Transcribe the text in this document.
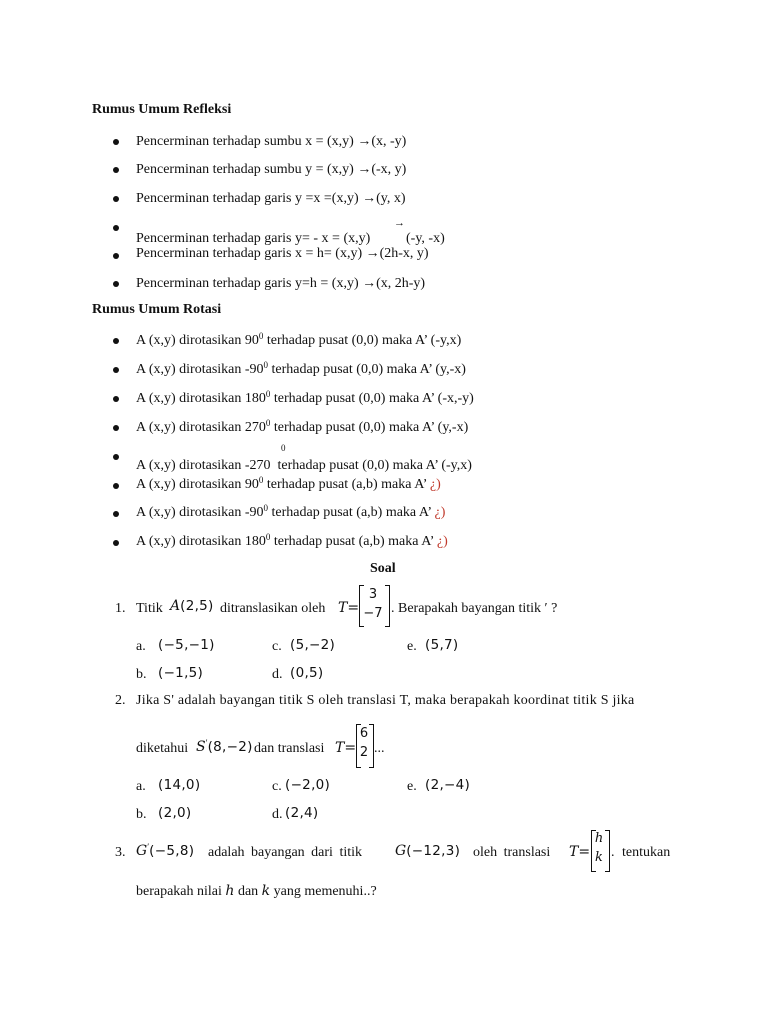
Rumus Umum Refleksi
Pencerminan terhadap sumbu x = (x,y) →(x, -y)
Pencerminan terhadap sumbu y = (x,y) →(-x, y)
Pencerminan terhadap garis y =x =(x,y) →(y, x)
→
Pencerminan terhadap garis y= - x = (x,y)	(-y, -x)
Pencerminan terhadap garis x = h= (x,y) →(2h-x, y)
Pencerminan terhadap garis y=h = (x,y) →(x, 2h-y)
Rumus Umum Rotasi
A (x,y) dirotasikan $90^0$ terhadap pusat (0,0) maka A’ (-y,x)
A (x,y) dirotasikan $-90^0$ terhadap pusat (0,0) maka A’ (y,-x)
A (x,y) dirotasikan $180^0$ terhadap pusat (0,0) maka A’ (-x,-y)
A (x,y) dirotasikan $270^0$ terhadap pusat (0,0) maka A’ (y,-x)
0
A (x,y) dirotasikan -270  terhadap pusat (0,0) maka A’ (-y,x)
A (x,y) dirotasikan $90^0$ terhadap pusat (a,b) maka A’ ¿)
A (x,y) dirotasikan $-90^0$ terhadap pusat (a,b) maka A’ ¿)
A (x,y) dirotasikan $180^0$ terhadap pusat (a,b) maka A’ ¿)
Soal
1. Titik A(2,5) ditranslasikan oleh T=
3
−7 . Berapakah bayangan titik ′ ?
a. (−5,−1)	c. (5,−2)	e. (5,7)
b. (−1,5)	d. (0,5)
2. Jika S' adalah bayangan titik S oleh translasi T, maka berapakah koordinat titik S jika
diketahui S′(8,−2) dan translasi T=
6
2 ...
a. (14,0)	c. (−2,0)	e. (2,−4)
b. (2,0)	d. (2,4)
3. G′(−5,8) adalah bayangan dari titik G(−12,3) oleh translasi T=
h
k . tentukan
berapakah nilai h dan k yang memenuhi..?
